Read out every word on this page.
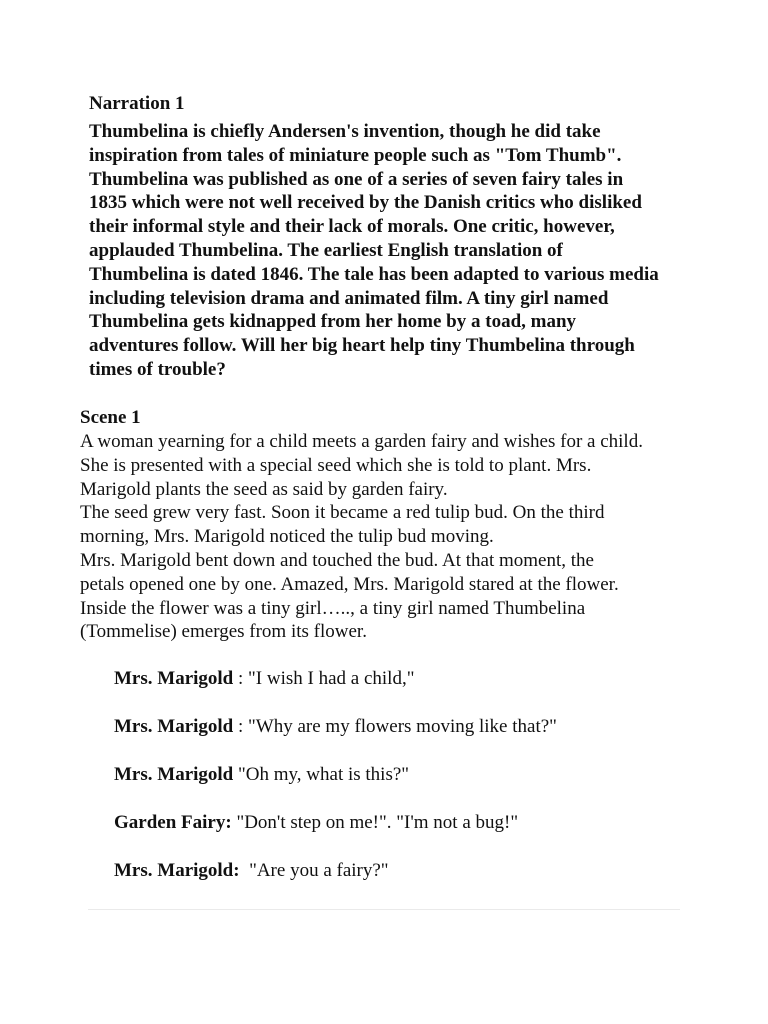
Narration 1

Thumbelina is chiefly Andersen's invention, though he did take
inspiration from tales of miniature people such as "Tom Thumb".
Thumbelina was published as one of a series of seven fairy tales in
1835 which were not well received by the Danish critics who disliked
their informal style and their lack of morals. One critic, however,
applauded Thumbelina. The earliest English translation of
Thumbelina is dated 1846. The tale has been adapted to various media
including television drama and animated film. A tiny girl named
Thumbelina gets kidnapped from her home by a toad, many
adventures follow. Will her big heart help tiny Thumbelina through
times of trouble?

Scene 1

A woman yearning for a child meets a garden fairy and wishes for a child.
She is presented with a special seed which she is told to plant. Mrs.
Marigold plants the seed as said by garden fairy.

The seed grew very fast. Soon it became a red tulip bud. On the third
morning, Mrs. Marigold noticed the tulip bud moving.

Mrs. Marigold bent down and touched the bud. At that moment, the
petals opened one by one. Amazed, Mrs. Marigold stared at the flower.
Inside the flower was a tiny girl….., a tiny girl named Thumbelina
(Tommelise) emerges from its flower.

Mrs. Marigold : "I wish I had a child,"

Mrs. Marigold : "Why are my flowers moving like that?"

Mrs. Marigold "Oh my, what is this?"

Garden Fairy: "Don't step on me!". "I'm not a bug!"

Mrs. Marigold:  "Are you a fairy?"
